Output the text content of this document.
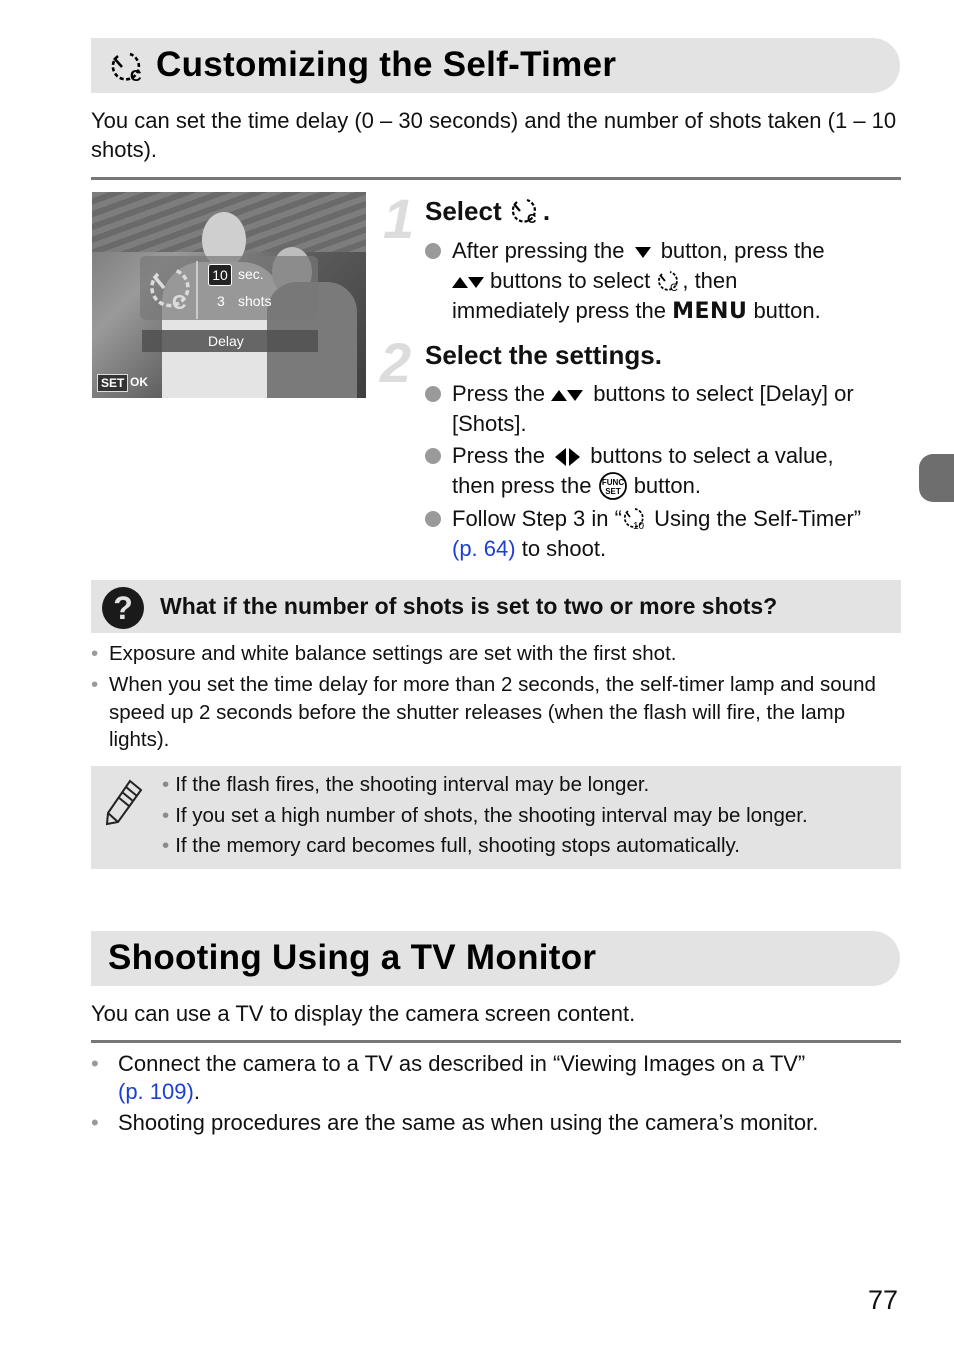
C Customizing the Self-Timer
You can set the time delay (0 – 30 seconds) and the number of shots taken (1 – 10 shots).
C
10 sec.
3 shots
Delay
SET OK
1 Select C .
After pressing the button, press the
buttons to select C , then
immediately press the MENU button.
2 Select the settings.
Press the buttons to select [Delay] or
[Shots].
Press the buttons to select a value,
then press the FUNC
SET button.
Follow Step 3 in “ 10 Using the Self-Timer”
(p. 64) to shoot.
? What if the number of shots is set to two or more shots?
• Exposure and white balance settings are set with the first shot.
• When you set the time delay for more than 2 seconds, the self-timer lamp and sound speed up 2 seconds before the shutter releases (when the flash will fire, the lamp lights).
• If the flash fires, the shooting interval may be longer.
• If you set a high number of shots, the shooting interval may be longer.
• If the memory card becomes full, shooting stops automatically.
Shooting Using a TV Monitor
You can use a TV to display the camera screen content.
• Connect the camera to a TV as described in “Viewing Images on a TV”
(p. 109).
• Shooting procedures are the same as when using the camera’s monitor.
77
